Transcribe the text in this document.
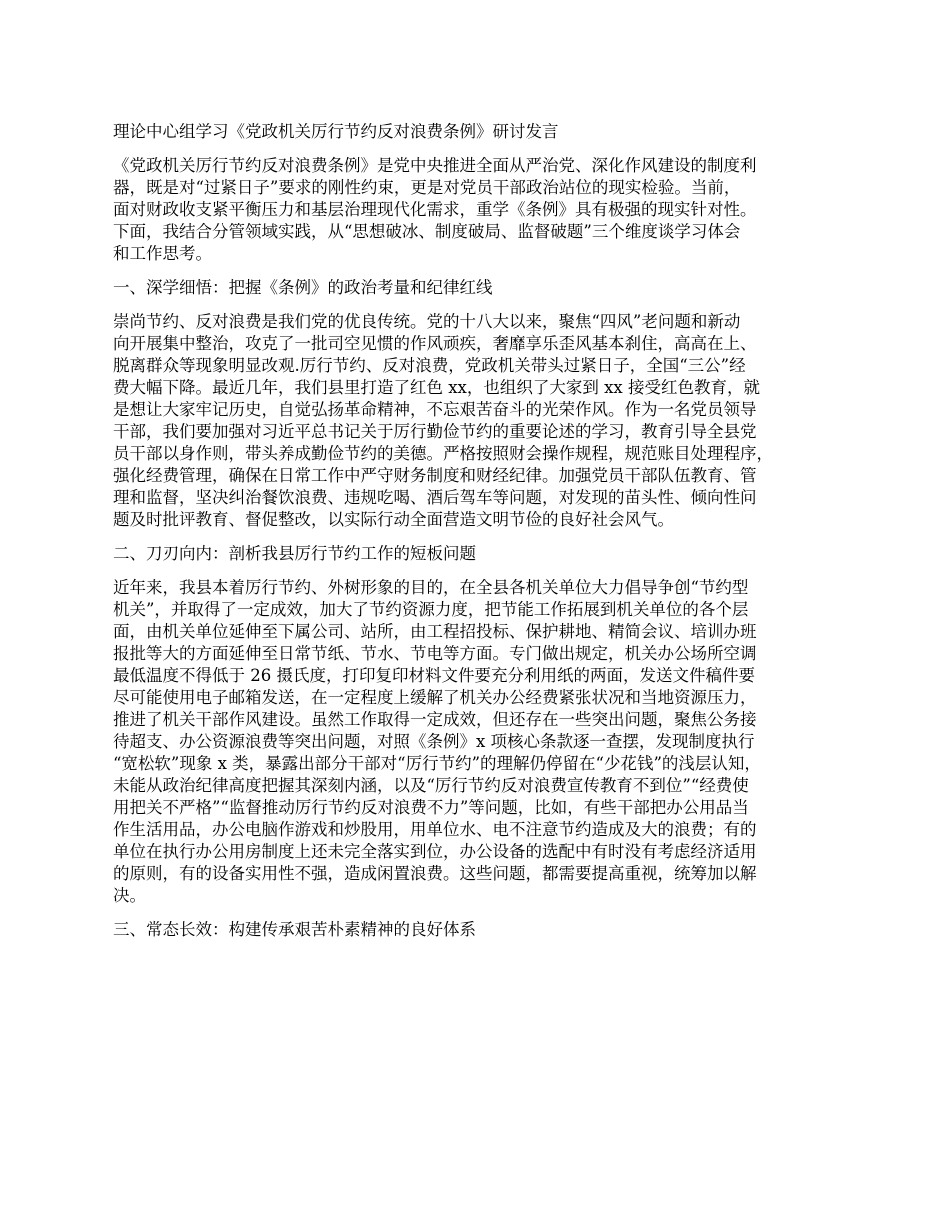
理论中心组学习《党政机关厉行节约反对浪费条例》研讨发言
《党政机关厉行节约反对浪费条例》是党中央推进全面从严治党、深化作风建设的制度利
器，既是对“过紧日子”要求的刚性约束，更是对党员干部政治站位的现实检验。当前，
面对财政收支紧平衡压力和基层治理现代化需求，重学《条例》具有极强的现实针对性。
下面，我结合分管领域实践，从“思想破冰、制度破局、监督破题”三个维度谈学习体会
和工作思考。
一、深学细悟：把握《条例》的政治考量和纪律红线
崇尚节约、反对浪费是我们党的优良传统。党的十八大以来，聚焦“四风”老问题和新动
向开展集中整治，攻克了一批司空见惯的作风顽疾，奢靡享乐歪风基本刹住，高高在上、
脱离群众等现象明显改观.厉行节约、反对浪费，党政机关带头过紧日子，全国“三公”经
费大幅下降。最近几年，我们县里打造了红色 xx，也组织了大家到 xx 接受红色教育，就
是想让大家牢记历史，自觉弘扬革命精神，不忘艰苦奋斗的光荣作风。作为一名党员领导
干部，我们要加强对习近平总书记关于厉行勤俭节约的重要论述的学习，教育引导全县党
员干部以身作则，带头养成勤俭节约的美德。严格按照财会操作规程，规范账目处理程序，
强化经费管理，确保在日常工作中严守财务制度和财经纪律。加强党员干部队伍教育、管
理和监督，坚决纠治餐饮浪费、违规吃喝、酒后驾车等问题，对发现的苗头性、倾向性问
题及时批评教育、督促整改，以实际行动全面营造文明节俭的良好社会风气。
二、刀刃向内：剖析我县厉行节约工作的短板问题
近年来，我县本着厉行节约、外树形象的目的，在全县各机关单位大力倡导争创“节约型
机关”，并取得了一定成效，加大了节约资源力度，把节能工作拓展到机关单位的各个层
面，由机关单位延伸至下属公司、站所，由工程招投标、保护耕地、精简会议、培训办班
报批等大的方面延伸至日常节纸、节水、节电等方面。专门做出规定，机关办公场所空调
最低温度不得低于 26 摄氏度，打印复印材料文件要充分利用纸的两面，发送文件稿件要
尽可能使用电子邮箱发送，在一定程度上缓解了机关办公经费紧张状况和当地资源压力，
推进了机关干部作风建设。虽然工作取得一定成效，但还存在一些突出问题，聚焦公务接
待超支、办公资源浪费等突出问题，对照《条例》x 项核心条款逐一查摆，发现制度执行
“宽松软”现象 x 类，暴露出部分干部对“厉行节约”的理解仍停留在“少花钱”的浅层认知，
未能从政治纪律高度把握其深刻内涵，以及“厉行节约反对浪费宣传教育不到位”“经费使
用把关不严格”“监督推动厉行节约反对浪费不力”等问题，比如，有些干部把办公用品当
作生活用品，办公电脑作游戏和炒股用，用单位水、电不注意节约造成及大的浪费；有的
单位在执行办公用房制度上还未完全落实到位，办公设备的选配中有时没有考虑经济适用
的原则，有的设备实用性不强，造成闲置浪费。这些问题，都需要提高重视，统筹加以解
决。
三、常态长效：构建传承艰苦朴素精神的良好体系
